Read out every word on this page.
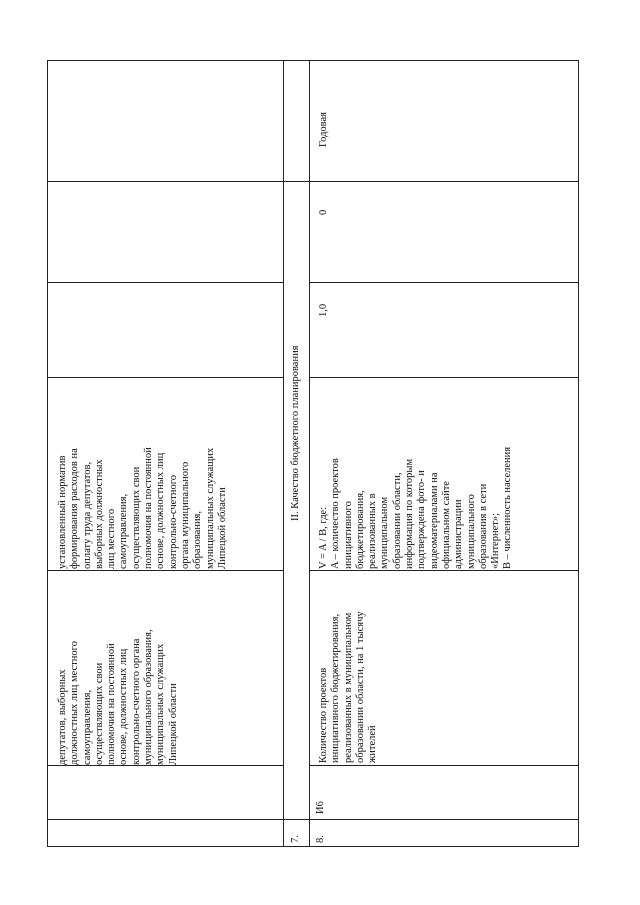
депутатов, выборных
должностных лиц местного
самоуправления,
осуществляющих свои
полномочия на постоянной
основе, должностных лиц
контрольно-счетного органа
муниципального образования,
муниципальных служащих
Липецкой области
установленный норматив
формирования расходов на
оплату труда депутатов,
выборных должностных
лиц местного
самоуправления,
осуществляющих свои
полномочия на постоянной
основе, должностных лиц
контрольно-счетного
органа муниципального
образования,
муниципальных служащих
Липецкой области
7.
II. Качество бюджетного планирования
8.
И6
Количество проектов
инициативного бюджетирования,
реализованных в муниципальном
образовании области, на 1 тысячу
жителей
V = A / B, где:
A – количество проектов
инициативного
бюджетирования,
реализованных в
муниципальном
образовании области,
информация по которым
подтверждена фото- и
видеоматериалами на
официальном сайте
администрации
муниципального
образования в сети
«Интернет»;
B – численность населения
1,0
0
Годовая
